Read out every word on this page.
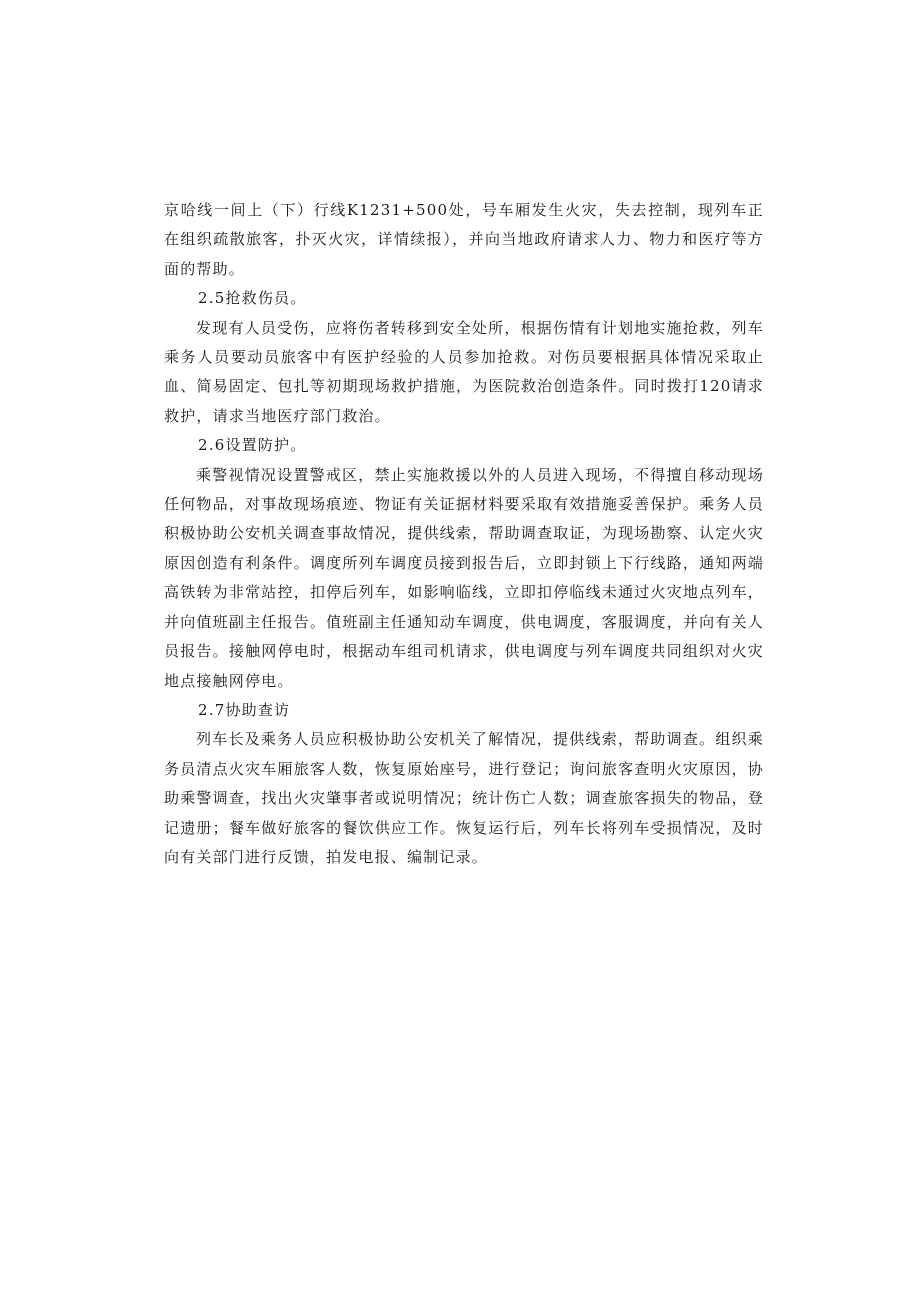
京哈线一间上（下）行线K1231+500处，号车厢发生火灾，失去控制，现列车正在组织疏散旅客，扑灭火灾，详情续报），并向当地政府请求人力、物力和医疗等方面的帮助。

2.5抢救伤员。

发现有人员受伤，应将伤者转移到安全处所，根据伤情有计划地实施抢救，列车乘务人员要动员旅客中有医护经验的人员参加抢救。对伤员要根据具体情况采取止血、简易固定、包扎等初期现场救护措施，为医院救治创造条件。同时拨打120请求救护，请求当地医疗部门救治。

2.6设置防护。

乘警视情况设置警戒区，禁止实施救援以外的人员进入现场，不得擅自移动现场任何物品，对事故现场痕迹、物证有关证据材料要采取有效措施妥善保护。乘务人员积极协助公安机关调查事故情况，提供线索，帮助调查取证，为现场勘察、认定火灾原因创造有利条件。调度所列车调度员接到报告后，立即封锁上下行线路，通知两端高铁转为非常站控，扣停后列车，如影响临线，立即扣停临线未通过火灾地点列车，并向值班副主任报告。值班副主任通知动车调度，供电调度，客服调度，并向有关人员报告。接触网停电时，根据动车组司机请求，供电调度与列车调度共同组织对火灾地点接触网停电。

2.7协助查访

列车长及乘务人员应积极协助公安机关了解情况，提供线索，帮助调查。组织乘务员清点火灾车厢旅客人数，恢复原始座号，进行登记；询问旅客查明火灾原因，协助乘警调查，找出火灾肇事者或说明情况；统计伤亡人数；调查旅客损失的物品，登记遗册；餐车做好旅客的餐饮供应工作。恢复运行后，列车长将列车受损情况，及时向有关部门进行反馈，拍发电报、编制记录。
